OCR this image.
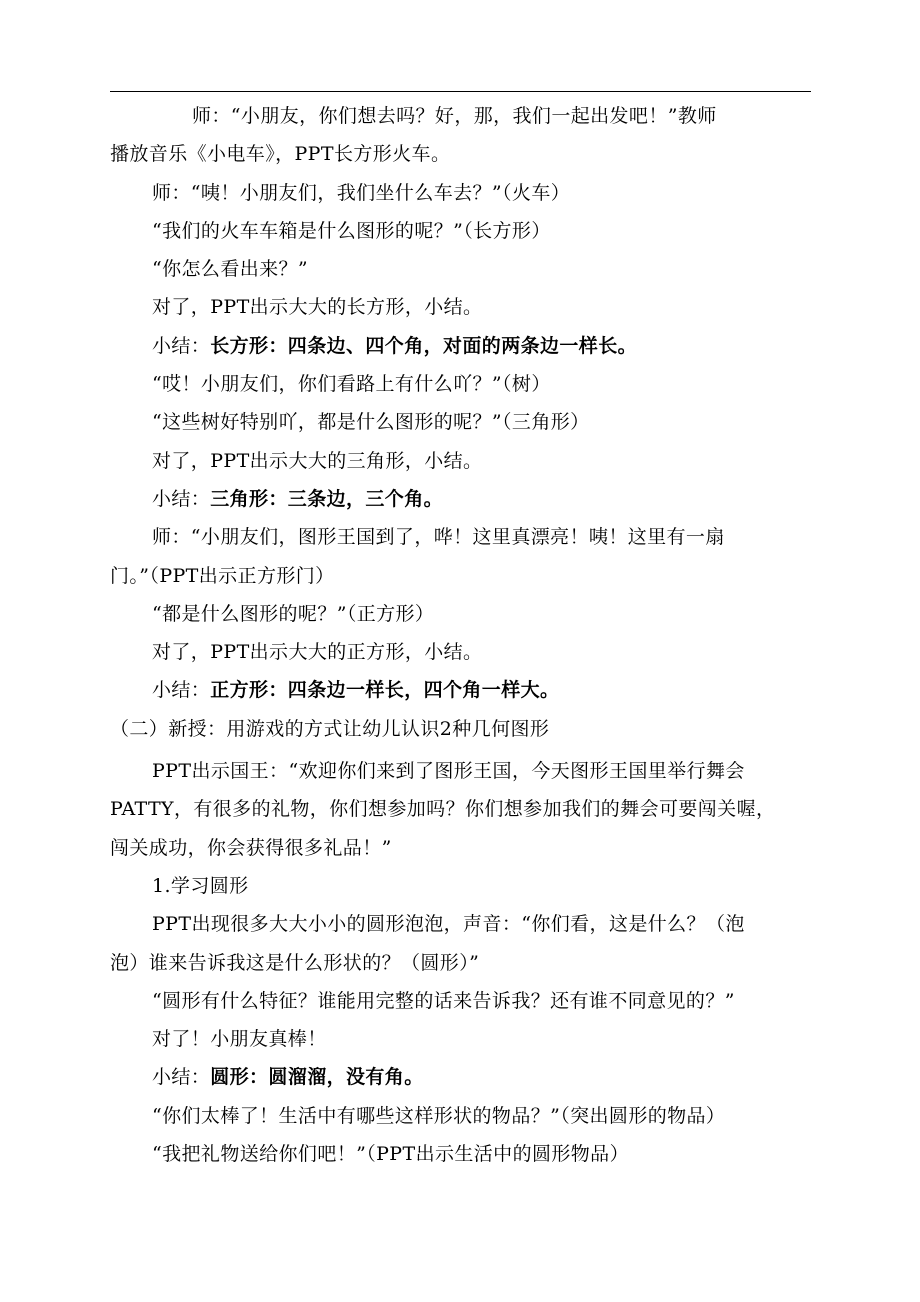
师：“小朋友，你们想去吗？好，那，我们一起出发吧！”教师

播放音乐《小电车》，PPT长方形火车。

师：“咦！小朋友们，我们坐什么车去？”（火车）

“我们的火车车箱是什么图形的呢？”（长方形）

“你怎么看出来？”

对了，PPT出示大大的长方形，小结。

小结：长方形：四条边、四个角，对面的两条边一样长。

“哎！小朋友们，你们看路上有什么吖？”（树）

“这些树好特别吖，都是什么图形的呢？”（三角形）

对了，PPT出示大大的三角形，小结。

小结：三角形：三条边，三个角。

师：“小朋友们，图形王国到了，哗！这里真漂亮！咦！这里有一扇

门。”（PPT出示正方形门）

“都是什么图形的呢？”（正方形）

对了，PPT出示大大的正方形，小结。

小结：正方形：四条边一样长，四个角一样大。

（二）新授：用游戏的方式让幼儿认识2种几何图形

PPT出示国王：“欢迎你们来到了图形王国，今天图形王国里举行舞会

PATTY，有很多的礼物，你们想参加吗？你们想参加我们的舞会可要闯关喔，

闯关成功，你会获得很多礼品！”

1.学习圆形

PPT出现很多大大小小的圆形泡泡，声音：“你们看，这是什么？（泡

泡）谁来告诉我这是什么形状的？（圆形）”

“圆形有什么特征？谁能用完整的话来告诉我？还有谁不同意见的？”

对了！小朋友真棒！

小结：圆形：圆溜溜，没有角。

“你们太棒了！生活中有哪些这样形状的物品？”（突出圆形的物品）

“我把礼物送给你们吧！”（PPT出示生活中的圆形物品）
